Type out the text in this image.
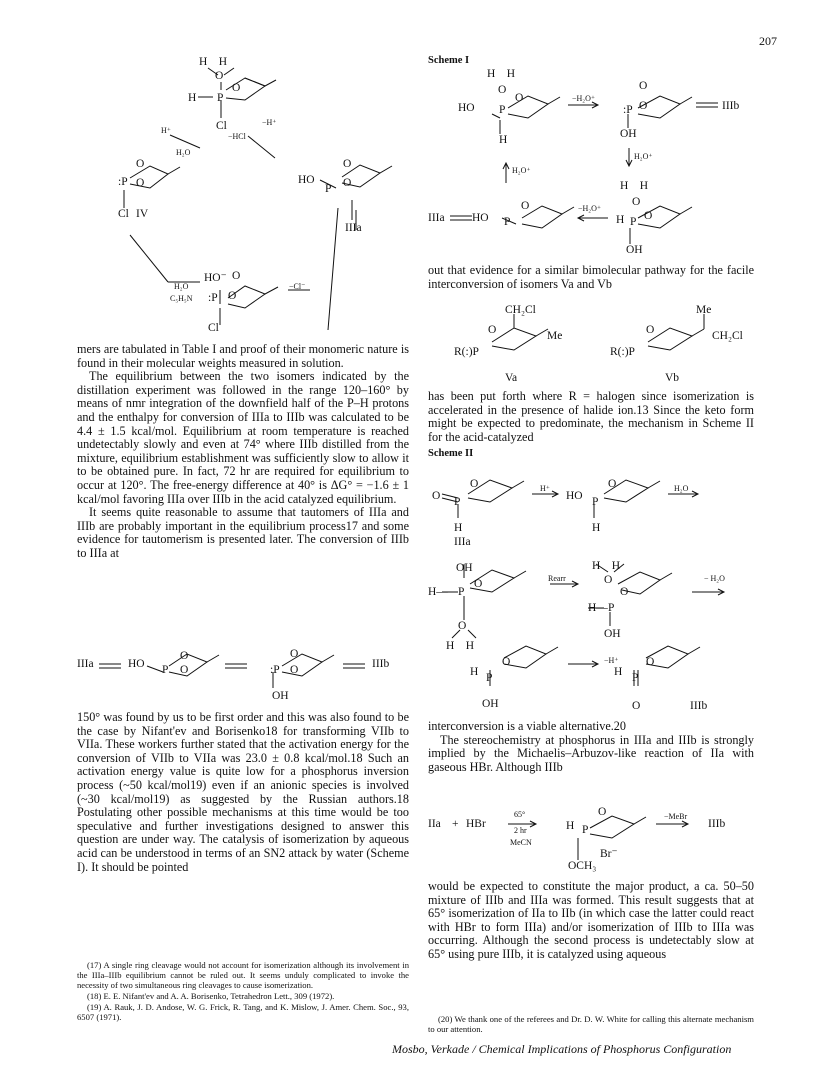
207
H    H
O
O
H P
Cl	−H⁺
−HCl
H⁺
H₂O
:P
O
O
Cl IV
HO
P
O
O
IIIa
H₂O
C₅H₅N
HO⁻ O
:P O
−Cl⁻
Cl

mers are tabulated in Table I and proof of their monomeric nature is found in their molecular weights measured in solution.

The equilibrium between the two isomers indicated by the distillation experiment was followed in the range 120–160° by means of nmr integration of the downfield half of the P–H protons and the enthalpy for conversion of IIIa to IIIb was calculated to be 4.4 ± 1.5 kcal/mol. Equilibrium at room temperature is reached undetectably slowly and even at 74° where IIIb distilled from the mixture, equilibrium establishment was sufficiently slow to allow it to be obtained pure. In fact, 72 hr are required for equilibrium to occur at 120°. The free-energy difference at 40° is ΔG° = −1.6 ± 1 kcal/mol favoring IIIa over IIIb in the acid catalyzed equilibrium.

It seems quite reasonable to assume that tautomers of IIIa and IIIb are probably important in the equilibrium process17 and some evidence for tautomerism is presented later. The conversion of IIIb to IIIa at

IIIa	HO P
O
O	:P
O
O
OH
IIIb

150° was found by us to be first order and this was also found to be the case by Nifant'ev and Borisenko18 for transforming VIIb to VIIa. These workers further stated that the activation energy for the conversion of VIIb to VIIa was 23.0 ± 0.8 kcal/mol.18 Such an activation energy value is quite low for a phosphorus inversion process (~50 kcal/mol19) even if an anionic species is involved (~30 kcal/mol19) as suggested by the Russian authors.18 Postulating other possible mechanisms at this time would be too speculative and further investigations designed to answer this question are under way. The catalysis of isomerization by aqueous acid can be understood in terms of an SN2 attack by water (Scheme I). It should be pointed

(17) A single ring cleavage would not account for isomerization although its involvement in the IIIa–IIIb equilibrium cannot be ruled out. It seems unduly complicated to invoke the necessity of two simultaneous ring cleavages to cause isomerization.

(18) E. E. Nifant'ev and A. A. Borisenko, Tetrahedron Lett., 309 (1972).

(19) A. Rauk, J. D. Andose, W. G. Frick, R. Tang, and K. Mislow, J. Amer. Chem. Soc., 93, 6507 (1971).

Scheme I
H    H
O
O
HO P
H
−H₂O⁺
:P
O
O
OH
IIIb
H₂O⁺
H₂O⁺
H    H
O
IIIa HO P
O	−H₂O⁺
H P O
OH
out that evidence for a similar bimolecular pathway for the facile interconversion of isomers Va and Vb
CH₂Cl
Me
O
R(:)P
Va
Me
CH₂Cl
O
R(:)P
Vb
has been put forth where R = halogen since isomerization is accelerated in the presence of halide ion.13 Since the keto form might be expected to predominate, the mechanism in Scheme II for the acid-catalyzed
Scheme II
O P
O
H
IIIa
H⁺
HO P
O
H
H₂O
OH
H— P
O
O
H    H
Rearr
H    H
O
O
H— P
OH
− H₂O
H P
O
OH
−H⁺
H P
O
O	IIIb

interconversion is a viable alternative.20

The stereochemistry at phosphorus in IIIa and IIIb is strongly implied by the Michaelis–Arbuzov-like reaction of IIa with gaseous HBr. Although IIIb

IIa + HBr
65°
2 hr
MeCN
H P
O
Br⁻
OCH₃
−MeBr
IIIb
would be expected to constitute the major product, a ca. 50–50 mixture of IIIb and IIIa was formed. This result suggests that at 65° isomerization of IIa to IIb (in which case the latter could react with HBr to form IIIa) and/or isomerization of IIIb to IIIa was occurring. Although the second process is undetectably slow at 65° using pure IIIb, it is catalyzed using aqueous
(20) We thank one of the referees and Dr. D. W. White for calling this alternate mechanism to our attention.
Mosbo, Verkade / Chemical Implications of Phosphorus Configuration
